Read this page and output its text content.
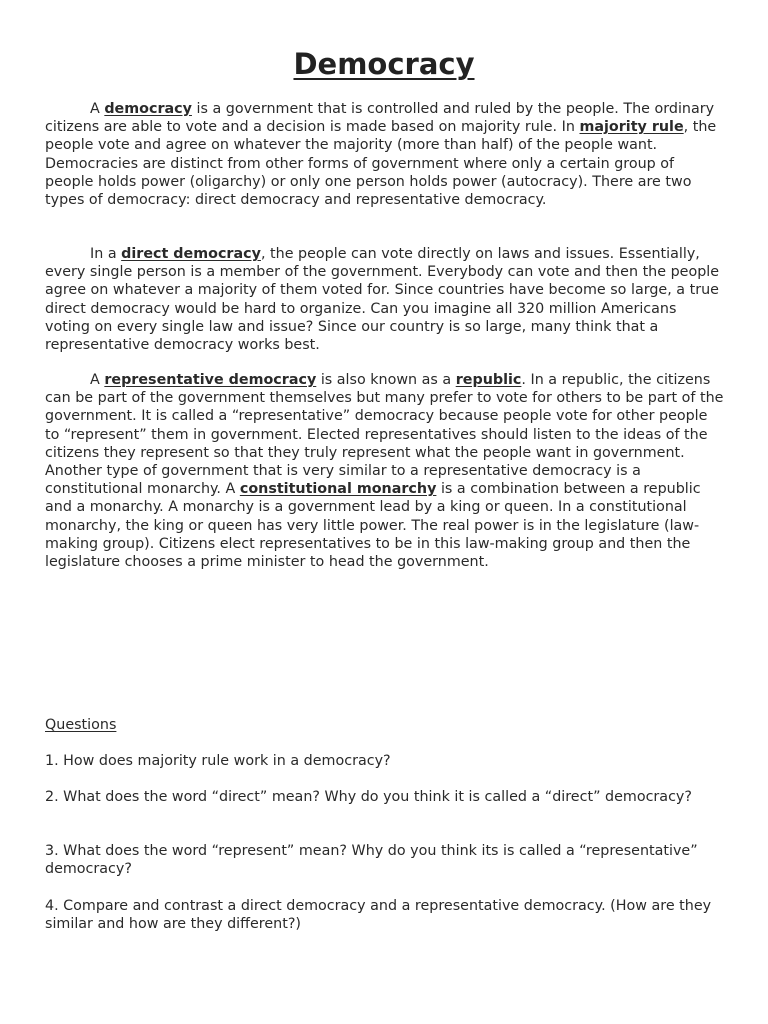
Democracy

A democracy is a government that is controlled and ruled by the people. The ordinary citizens are able to vote and a decision is made based on majority rule. In majority rule, the people vote and agree on whatever the majority (more than half) of the people want. Democracies are distinct from other forms of government where only a certain group of people holds power (oligarchy) or only one person holds power (autocracy). There are two types of democracy: direct democracy and representative democracy.

In a direct democracy, the people can vote directly on laws and issues. Essentially, every single person is a member of the government. Everybody can vote and then the people agree on whatever a majority of them voted for. Since countries have become so large, a true direct democracy would be hard to organize. Can you imagine all 320 million Americans voting on every single law and issue? Since our country is so large, many think that a representative democracy works best.

A representative democracy is also known as a republic. In a republic, the citizens can be part of the government themselves but many prefer to vote for others to be part of the government. It is called a “representative” democracy because people vote for other people to “represent” them in government. Elected representatives should listen to the ideas of the citizens they represent so that they truly represent what the people want in government. Another type of government that is very similar to a representative democracy is a constitutional monarchy. A constitutional monarchy is a combination between a republic and a monarchy. A monarchy is a government lead by a king or queen. In a constitutional monarchy, the king or queen has very little power. The real power is in the legislature (law-making group). Citizens elect representatives to be in this law-making group and then the legislature chooses a prime minister to head the government.

Questions

1. How does majority rule work in a democracy?

2. What does the word “direct” mean? Why do you think it is called a “direct” democracy?

3. What does the word “represent” mean? Why do you think its is called a “representative” democracy?

4. Compare and contrast a direct democracy and a representative democracy. (How are they similar and how are they different?)
